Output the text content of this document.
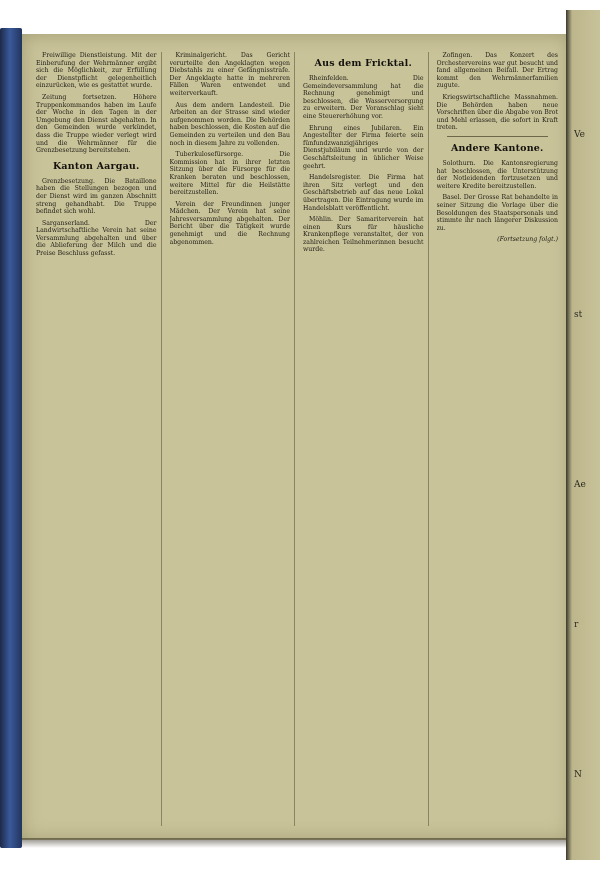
Freiwillige Dienstleistung. Mit der Einberufung der Wehrmänner ergibt sich die Möglichkeit, zur Erfüllung der Dienstpflicht gelegenheitlich einzurücken, wie es gestattet wurde.

Zeitung fortsetzen. Höhere Truppenkommandos haben im Laufe der Woche in den Tagen in der Umgebung den Dienst abgehalten. In den Gemeinden wurde verkündet, dass die Truppe wieder verlegt wird und die Wehrmänner für die Grenzbesetzung bereitstehen.

Kanton Aargau.

Grenzbesetzung. Die Bataillone haben die Stellungen bezogen und der Dienst wird im ganzen Abschnitt streng gehandhabt. Die Truppe befindet sich wohl.

Sarganserland. Der Landwirtschaftliche Verein hat seine Versammlung abgehalten und über die Ablieferung der Milch und die Preise Beschluss gefasst.

Kriminalgericht. Das Gericht verurteilte den Angeklagten wegen Diebstahls zu einer Gefängnisstrafe. Der Angeklagte hatte in mehreren Fällen Waren entwendet und weiterverkauft.

Aus dem andern Landesteil. Die Arbeiten an der Strasse sind wieder aufgenommen worden. Die Behörden haben beschlossen, die Kosten auf die Gemeinden zu verteilen und den Bau noch in diesem Jahre zu vollenden.

Tuberkulosefürsorge. Die Kommission hat in ihrer letzten Sitzung über die Fürsorge für die Kranken beraten und beschlossen, weitere Mittel für die Heilstätte bereitzustellen.

Verein der Freundinnen junger Mädchen. Der Verein hat seine Jahresversammlung abgehalten. Der Bericht über die Tätigkeit wurde genehmigt und die Rechnung abgenommen.

Aus dem Fricktal.

Rheinfelden. Die Gemeindeversammlung hat die Rechnung genehmigt und beschlossen, die Wasserversorgung zu erweitern. Der Voranschlag sieht eine Steuererhöhung vor.

Ehrung eines Jubilaren. Ein Angestellter der Firma feierte sein fünfundzwanzigjähriges Dienstjubiläum und wurde von der Geschäftsleitung in üblicher Weise geehrt.

Handelsregister. Die Firma hat ihren Sitz verlegt und den Geschäftsbetrieb auf das neue Lokal übertragen. Die Eintragung wurde im Handelsblatt veröffentlicht.

Möhlin. Der Samariterverein hat einen Kurs für häusliche Krankenpflege veranstaltet, der von zahlreichen Teilnehmerinnen besucht wurde.

Zofingen. Das Konzert des Orchestervereins war gut besucht und fand allgemeinen Beifall. Der Ertrag kommt den Wehrmännerfamilien zugute.

Kriegswirtschaftliche Massnahmen. Die Behörden haben neue Vorschriften über die Abgabe von Brot und Mehl erlassen, die sofort in Kraft treten.

Andere Kantone.

Solothurn. Die Kantonsregierung hat beschlossen, die Unterstützung der Notleidenden fortzusetzen und weitere Kredite bereitzustellen.

Basel. Der Grosse Rat behandelte in seiner Sitzung die Vorlage über die Besoldungen des Staatspersonals und stimmte ihr nach längerer Diskussion zu.

(Fortsetzung folgt.)

Ve
st
Ae
r
N
